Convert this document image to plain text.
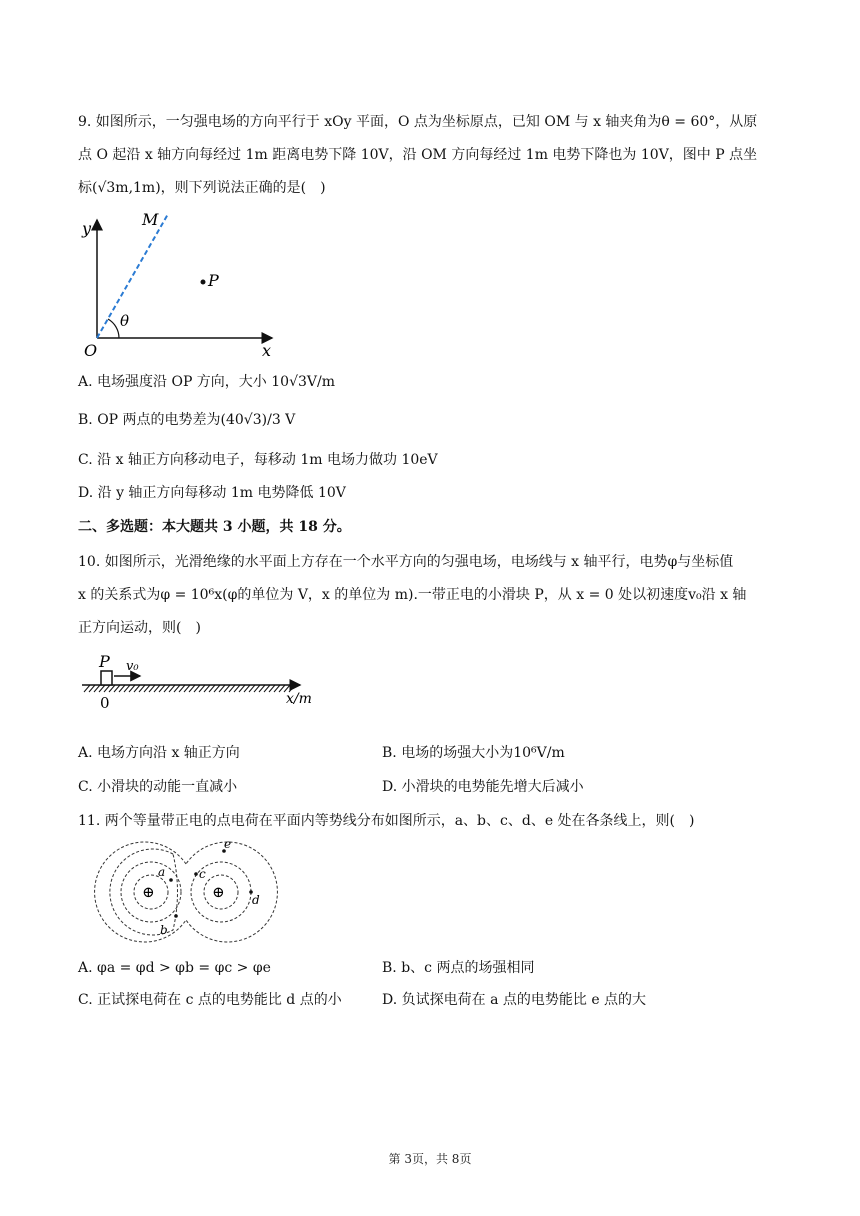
9. 如图所示，一匀强电场的方向平行于 xOy 平面，O 点为坐标原点，已知 OM 与 x 轴夹角为θ = 60°，从原
点 O 起沿 x 轴方向每经过 1m 距离电势下降 10V，沿 OM 方向每经过 1m 电势下降也为 10V，图中 P 点坐
标(√3m,1m)，则下列说法正确的是(　)
y
x
O
M
P
θ
A. 电场强度沿 OP 方向，大小 10√3V/m
B. OP 两点的电势差为(40√3)/3 V
C. 沿 x 轴正方向移动电子，每移动 1m 电场力做功 10eV
D. 沿 y 轴正方向每移动 1m 电势降低 10V
二、多选题：本大题共 3 小题，共 18 分。
10. 如图所示，光滑绝缘的水平面上方存在一个水平方向的匀强电场，电场线与 x 轴平行，电势φ与坐标值
x 的关系式为φ = 10⁶x(φ的单位为 V，x 的单位为 m).一带正电的小滑块 P，从 x = 0 处以初速度v₀沿 x 轴
正方向运动，则(　)
P v₀
0	x/m
A. 电场方向沿 x 轴正方向	B. 电场的场强大小为10⁶V/m
C. 小滑块的动能一直减小	D. 小滑块的电势能先增大后减小
11. 两个等量带正电的点电荷在平面内等势线分布如图所示，a、b、c、d、e 处在各条线上，则(　)
⊕	⊕
a
b
c
d
e
A. φa = φd > φb = φc > φe	B. b、c 两点的场强相同
C. 正试探电荷在 c 点的电势能比 d 点的小	D. 负试探电荷在 a 点的电势能比 e 点的大
第 3页，共 8页
